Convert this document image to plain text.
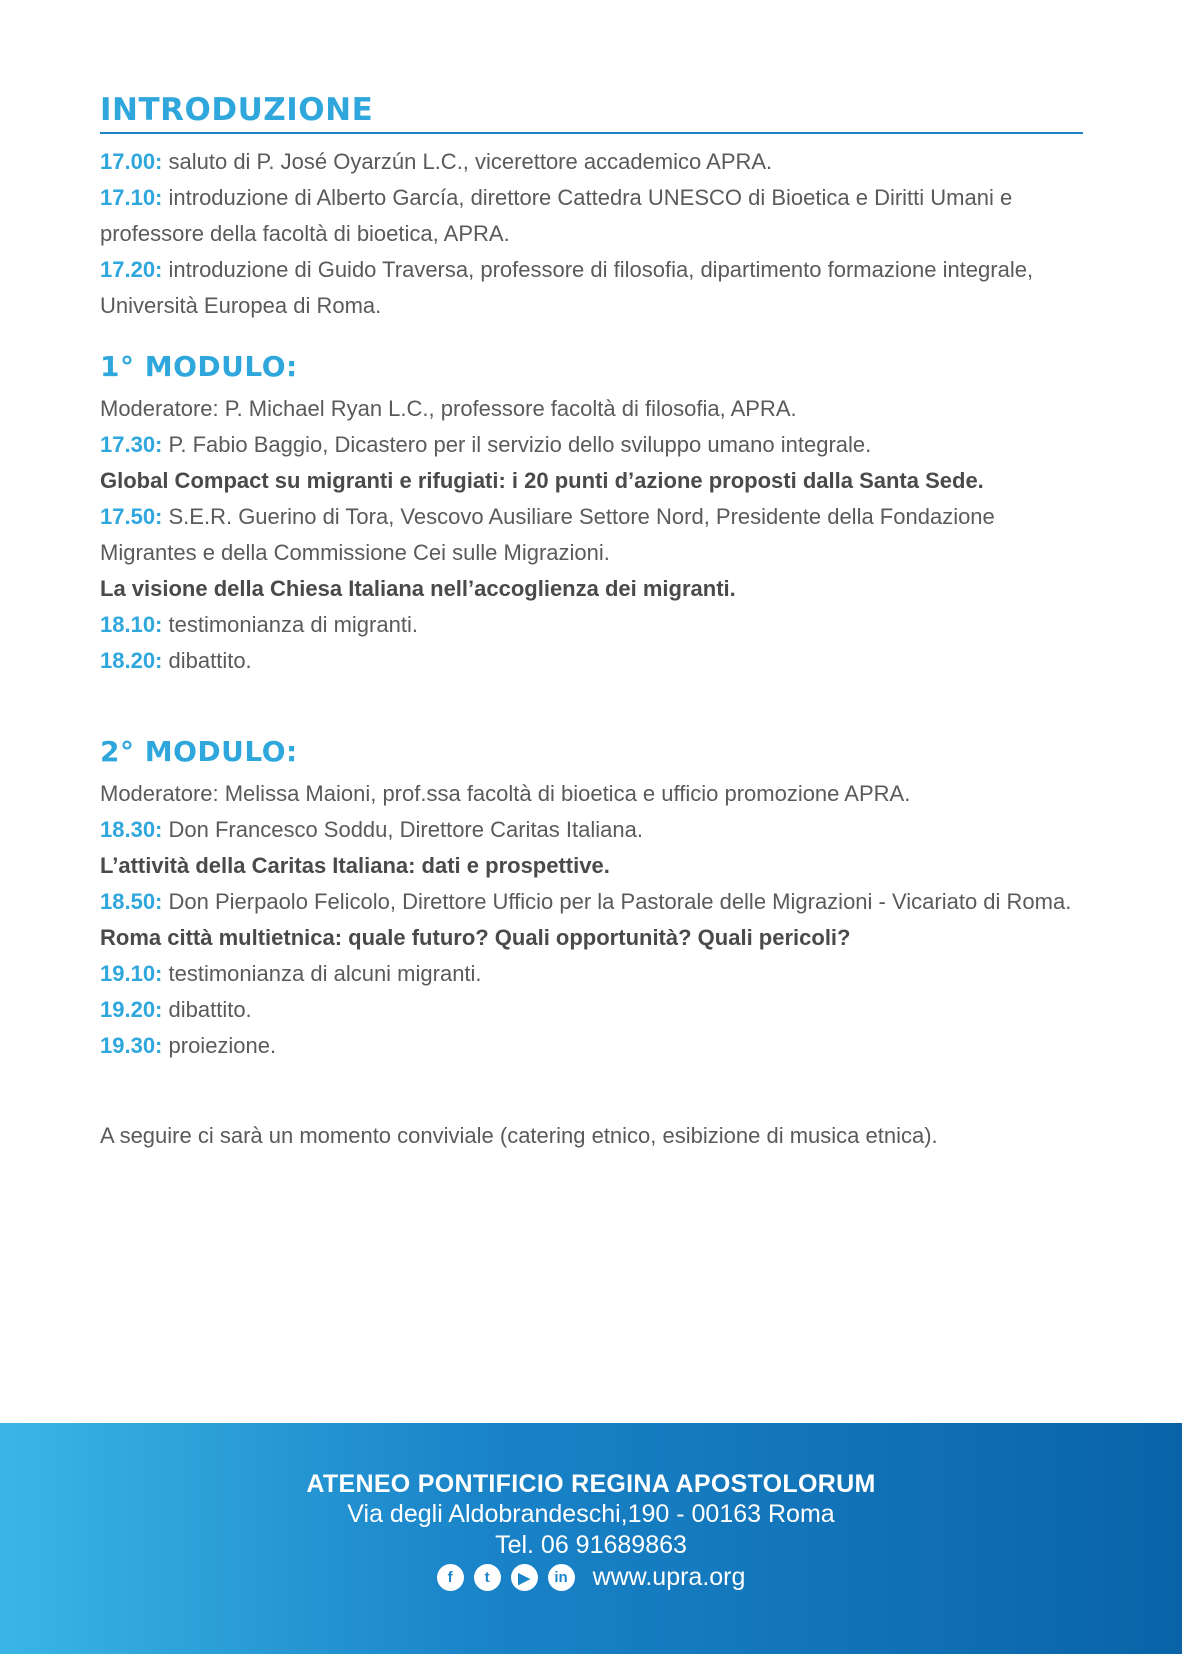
INTRODUZIONE

17.00: saluto di P. José Oyarzún L.C., vicerettore accademico APRA.

17.10: introduzione di Alberto García, direttore Cattedra UNESCO di Bioetica e Diritti Umani e professore della facoltà di bioetica, APRA.

17.20: introduzione di Guido Traversa, professore di filosofia, dipartimento formazione integrale, Università Europea di Roma.

1° MODULO:

Moderatore: P. Michael Ryan L.C., professore facoltà di filosofia, APRA.

17.30: P. Fabio Baggio, Dicastero per il servizio dello sviluppo umano integrale.

Global Compact su migranti e rifugiati: i 20 punti d’azione proposti dalla Santa Sede.

17.50: S.E.R. Guerino di Tora, Vescovo Ausiliare Settore Nord, Presidente della Fondazione Migrantes e della Commissione Cei sulle Migrazioni.

La visione della Chiesa Italiana nell’accoglienza dei migranti.

18.10: testimonianza di migranti.

18.20: dibattito.

2° MODULO:

Moderatore: Melissa Maioni, prof.ssa facoltà di bioetica e ufficio promozione APRA.

18.30: Don Francesco Soddu, Direttore Caritas Italiana.

L’attività della Caritas Italiana: dati e prospettive.

18.50: Don Pierpaolo Felicolo, Direttore Ufficio per la Pastorale delle Migrazioni - Vicariato di Roma.

Roma città multietnica: quale futuro? Quali opportunità? Quali pericoli?

19.10: testimonianza di alcuni migranti.

19.20: dibattito.

19.30: proiezione.

A seguire ci sarà un momento conviviale (catering etnico, esibizione di musica etnica).

ATENEO PONTIFICIO REGINA APOSTOLORUM
Via degli Aldobrandeschi,190 - 00163 Roma
Tel. 06 91689863
f	t	▶	in www.upra.org
